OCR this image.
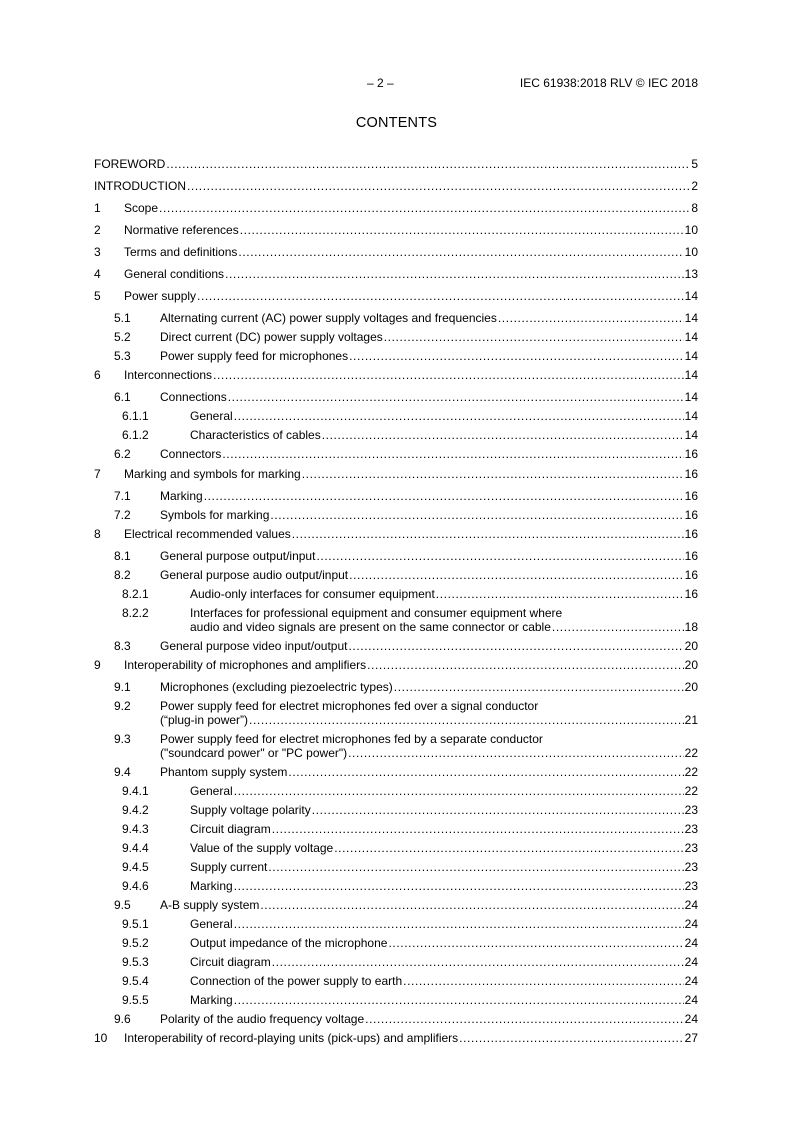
– 2 –	IEC 61938:2018 RLV © IEC 2018
CONTENTS
FOREWORD .....	5
INTRODUCTION .....	2
1 Scope .....	8
2 Normative references .....	10
3 Terms and definitions .....	10
4 General conditions .....	13
5 Power supply .....	14
5.1 Alternating current (AC) power supply voltages and frequencies .....	14
5.2 Direct current (DC) power supply voltages .....	14
5.3 Power supply feed for microphones .....	14
6 Interconnections .....	14
6.1 Connections .....	14
6.1.1	General .....	14
6.1.2	Characteristics of cables .....	14
6.2 Connectors .....	16
7 Marking and symbols for marking .....	16
7.1 Marking .....	16
7.2 Symbols for marking .....	16
8 Electrical recommended values .....	16
8.1 General purpose output/input .....	16
8.2 General purpose audio output/input .....	16
8.2.1	Audio-only interfaces for consumer equipment .....	16
8.2.2	Interfaces for professional equipment and consumer equipment where
audio and video signals are present on the same connector or cable .....	18
8.3 General purpose video input/output .....	20
9 Interoperability of microphones and amplifiers .....	20
9.1 Microphones (excluding piezoelectric types) .....	20
9.2 Power supply feed for electret microphones fed over a signal conductor
(“plug-in power”) .....	21
9.3 Power supply feed for electret microphones fed by a separate conductor
("soundcard power" or "PC power") .....	22
9.4 Phantom supply system .....	22
9.4.1	General .....	22
9.4.2	Supply voltage polarity .....	23
9.4.3	Circuit diagram .....	23
9.4.4	Value of the supply voltage .....	23
9.4.5	Supply current .....	23
9.4.6	Marking .....	23
9.5 A-B supply system .....	24
9.5.1	General .....	24
9.5.2	Output impedance of the microphone .....	24
9.5.3	Circuit diagram .....	24
9.5.4	Connection of the power supply to earth .....	24
9.5.5	Marking .....	24
9.6 Polarity of the audio frequency voltage .....	24
10 Interoperability of record-playing units (pick-ups) and amplifiers .....	27
